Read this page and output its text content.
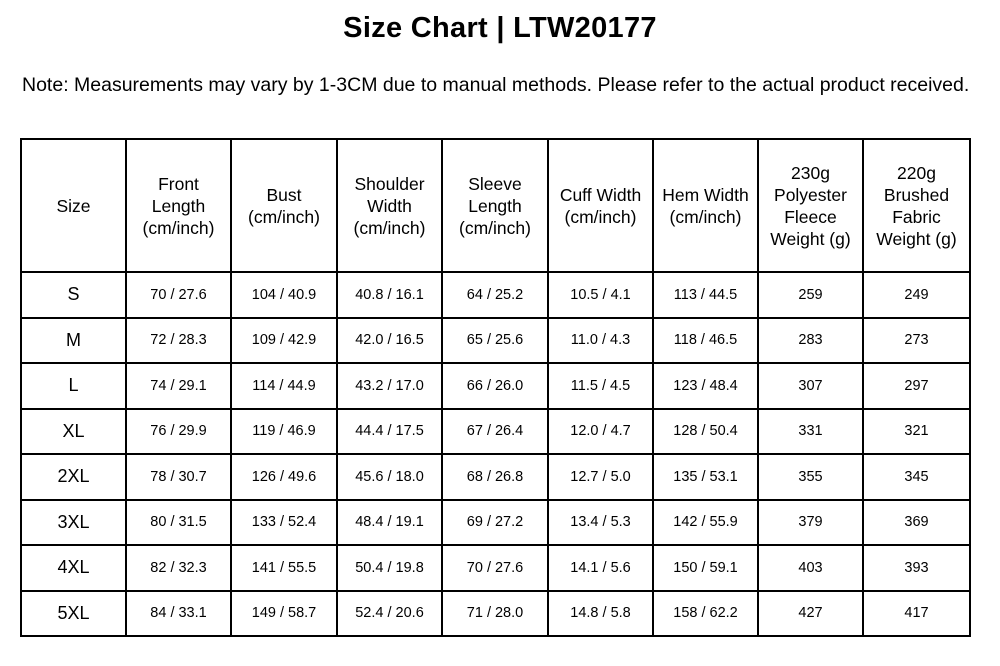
Size Chart | LTW20177
Note: Measurements may vary by 1-3CM due to manual methods. Please refer to the actual product received.
Size	Front Length (cm/inch)	Bust (cm/inch)	Shoulder Width (cm/inch)	Sleeve Length (cm/inch)	Cuff Width (cm/inch)	Hem Width (cm/inch)	230g Polyester Fleece Weight (g)	220g Brushed Fabric Weight (g)
S	70 / 27.6	104 / 40.9	40.8 / 16.1	64 / 25.2	10.5 / 4.1	113 / 44.5	259	249
M	72 / 28.3	109 / 42.9	42.0 / 16.5	65 / 25.6	11.0 / 4.3	118 / 46.5	283	273
L	74 / 29.1	114 / 44.9	43.2 / 17.0	66 / 26.0	11.5 / 4.5	123 / 48.4	307	297
XL	76 / 29.9	119 / 46.9	44.4 / 17.5	67 / 26.4	12.0 / 4.7	128 / 50.4	331	321
2XL	78 / 30.7	126 / 49.6	45.6 / 18.0	68 / 26.8	12.7 / 5.0	135 / 53.1	355	345
3XL	80 / 31.5	133 / 52.4	48.4 / 19.1	69 / 27.2	13.4 / 5.3	142 / 55.9	379	369
4XL	82 / 32.3	141 / 55.5	50.4 / 19.8	70 / 27.6	14.1 / 5.6	150 / 59.1	403	393
5XL	84 / 33.1	149 / 58.7	52.4 / 20.6	71 / 28.0	14.8 / 5.8	158 / 62.2	427	417
